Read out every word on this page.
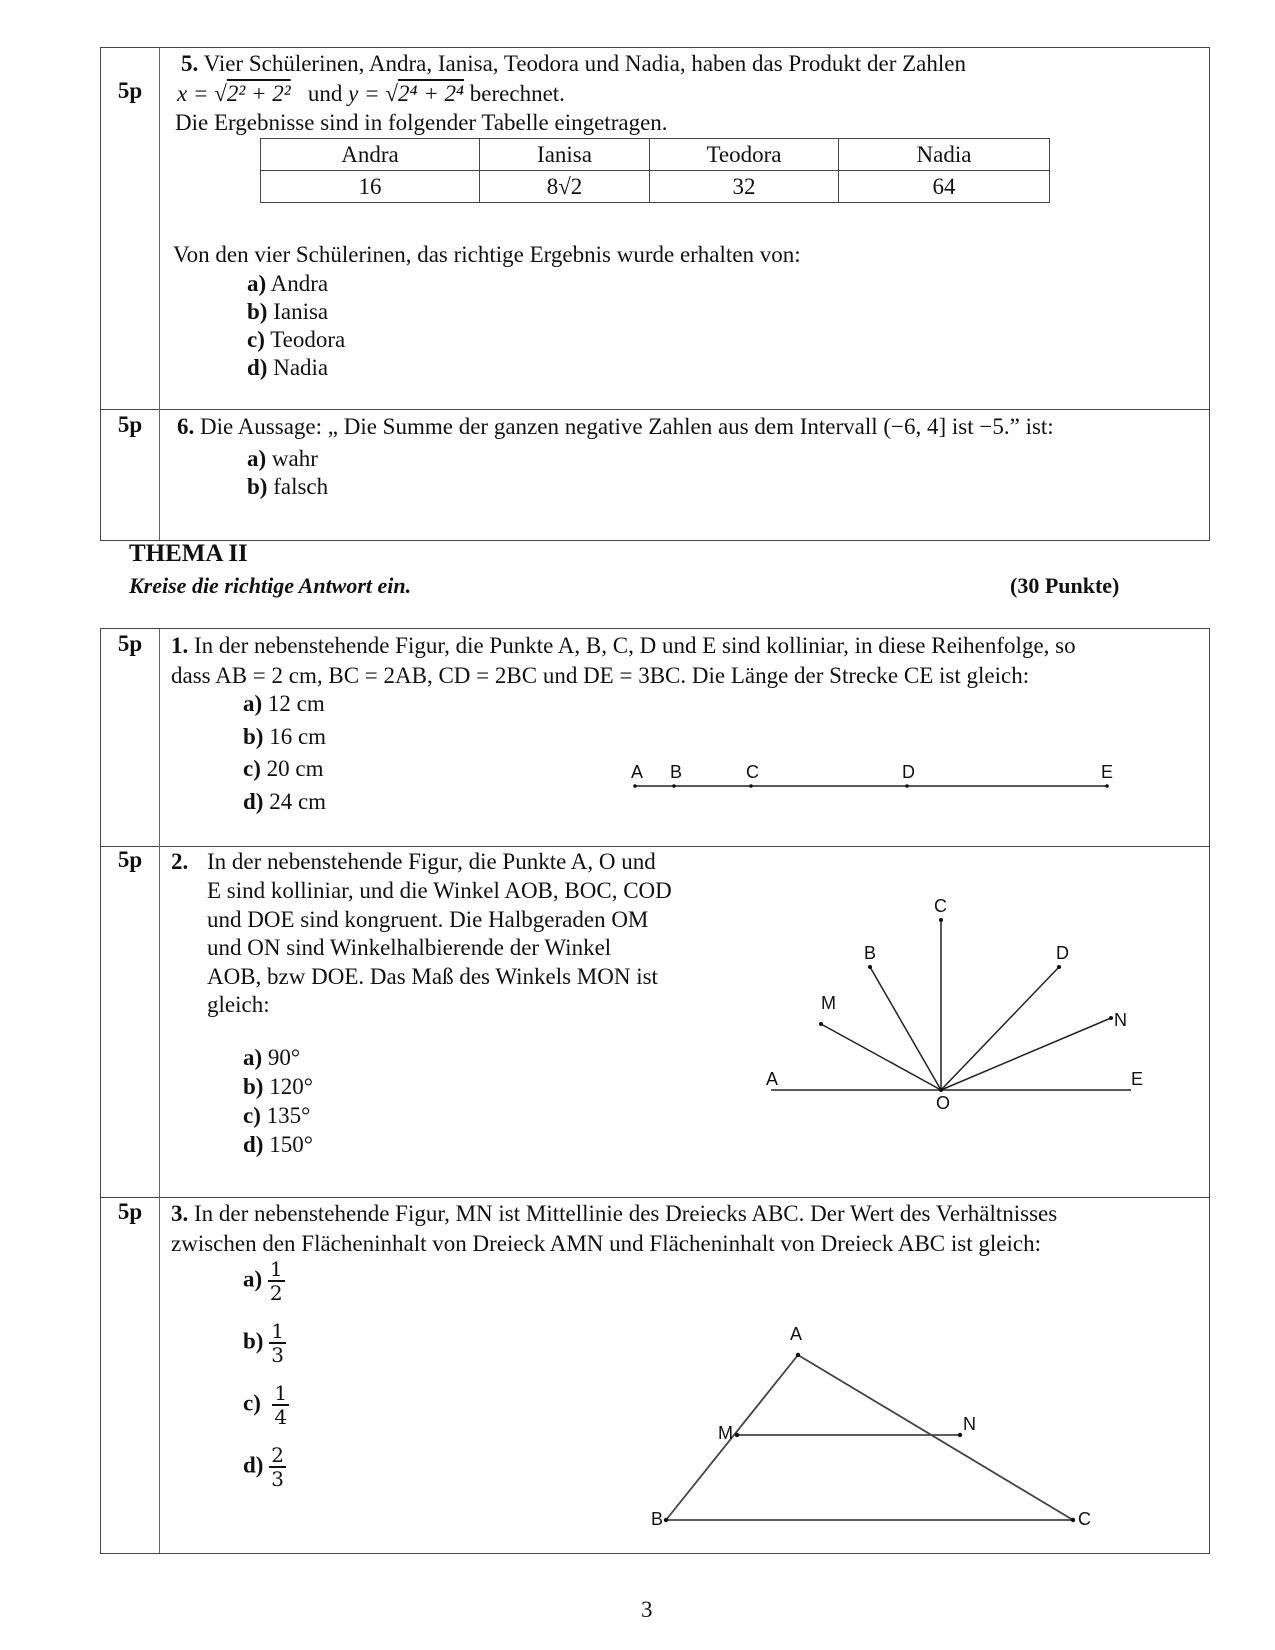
5p
5. Vier Schülerinen, Andra, Ianisa, Teodora und Nadia, haben das Produkt der Zahlen
x = √2² + 2² und y = √2⁴ + 2⁴ berechnet.
Die Ergebnisse sind in folgender Tabelle eingetragen.
Andra	Ianisa	Teodora	Nadia
16	8√2	32	64
Von den vier Schülerinen, das richtige Ergebnis wurde erhalten von:
a) Andra
b) Ianisa
c) Teodora
d) Nadia
5p	6. Die Aussage: „ Die Summe der ganzen negative Zahlen aus dem Intervall (−6, 4] ist −5.” ist:
a) wahr
b) falsch
THEMA II
Kreise die richtige Antwort ein.	(30 Punkte)
5p	1. In der nebenstehende Figur, die Punkte A, B, C, D und E sind kolliniar, in diese Reihenfolge, so
dass AB = 2 cm, BC = 2AB, CD = 2BC und DE = 3BC. Die Länge der Strecke CE ist gleich:
a) 12 cm
b) 16 cm
c) 20 cm
d) 24 cm
A B	C	D	E
5p	2. In der nebenstehende Figur, die Punkte A, O und
E sind kolliniar, und die Winkel AOB, BOC, COD
und DOE sind kongruent. Die Halbgeraden OM
und ON sind Winkelhalbierende der Winkel
AOB, bzw DOE. Das Maß des Winkels MON ist
gleich:
a) 90°
b) 120°
c) 135°
d) 150°
C
B	D
M
N
A	E
O
5p	3. In der nebenstehende Figur, MN ist Mittellinie des Dreiecks ABC. Der Wert des Verhältnisses
zwischen den Flächeninhalt von Dreieck AMN und Flächeninhalt von Dreieck ABC ist gleich:
$a) \frac{1}{2}$
$b) \frac{1}{3}$
$c) \frac{1}{4}$
$d) \frac{2}{3}$
A
M	N
B	C
3
